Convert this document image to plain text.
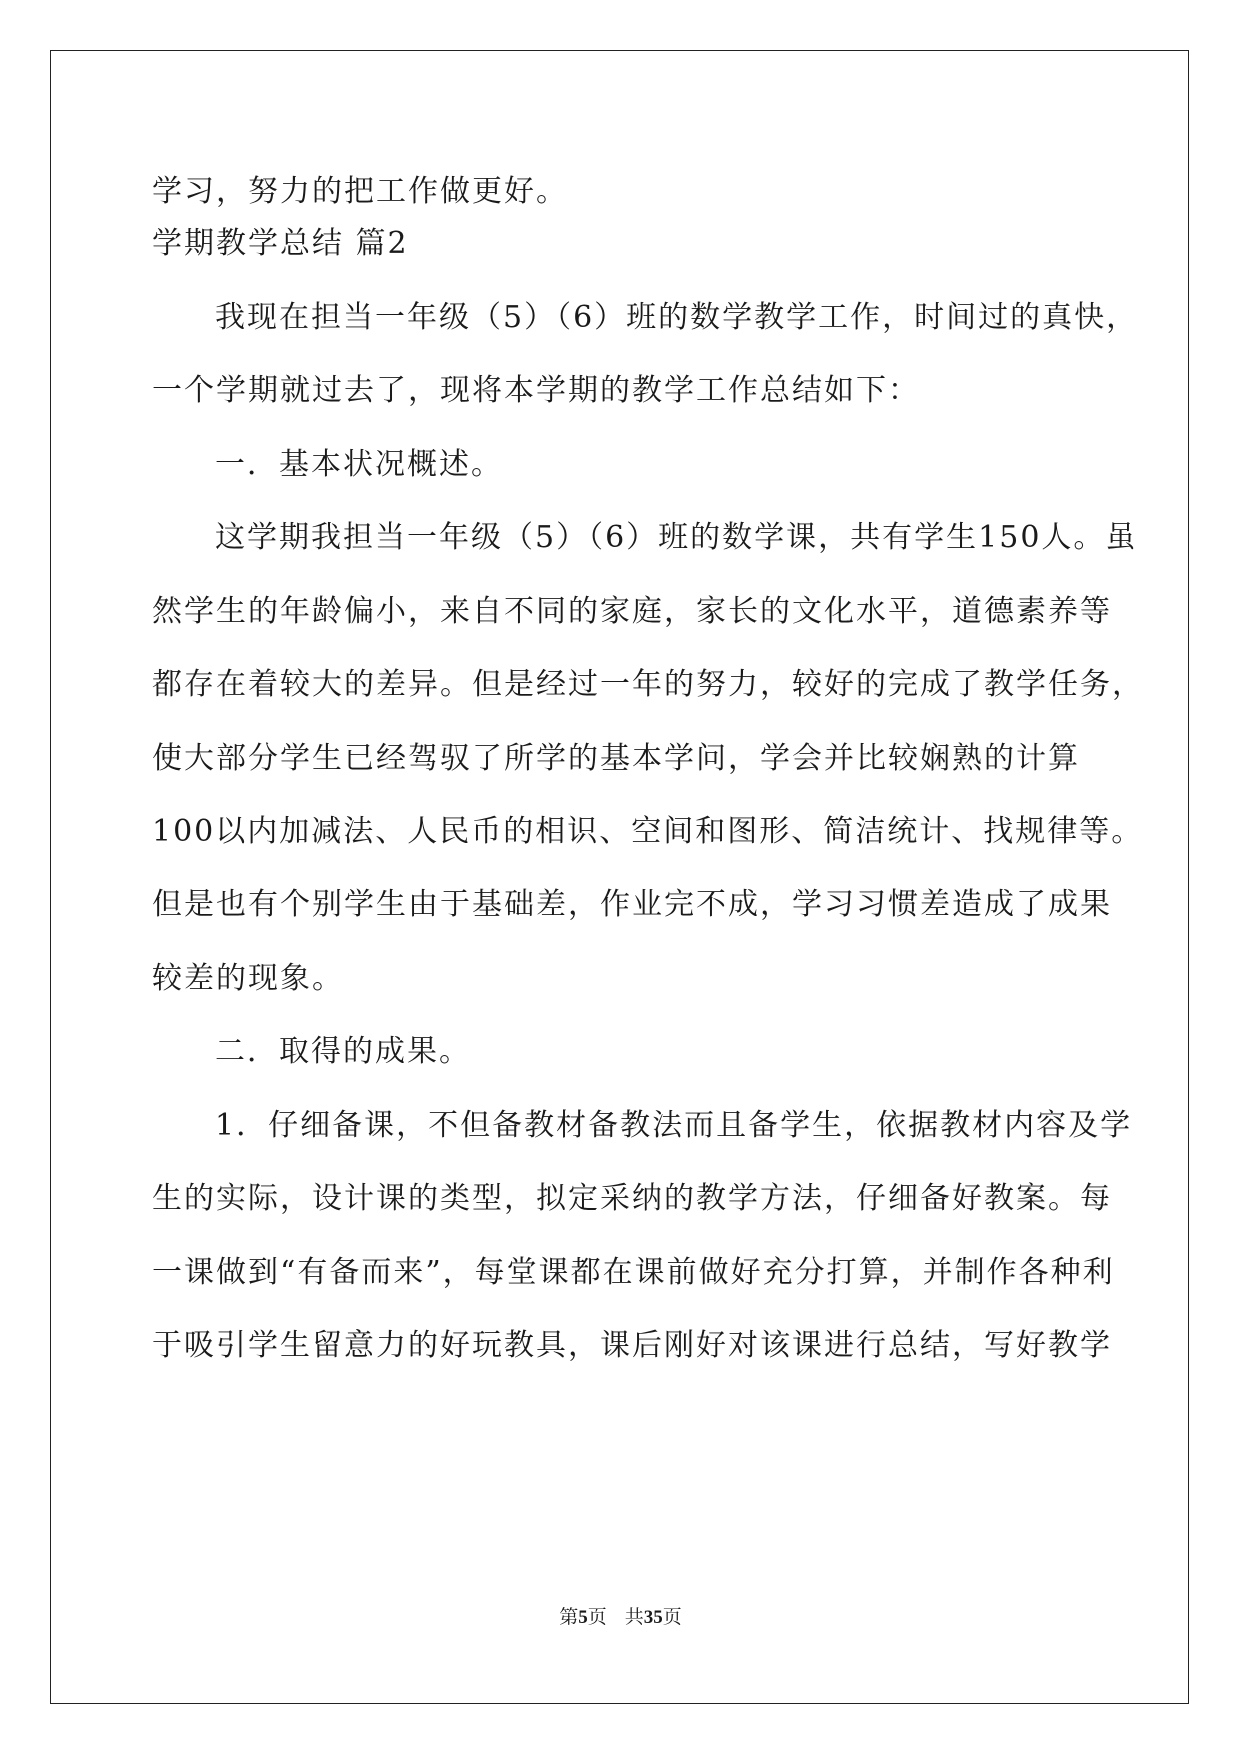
学习，努力的把工作做更好。
学期教学总结 篇2
我现在担当一年级（5）（6）班的数学教学工作，时间过的真快，
一个学期就过去了，现将本学期的教学工作总结如下：
一．基本状况概述。
这学期我担当一年级（5）（6）班的数学课，共有学生150人。虽
然学生的年龄偏小，来自不同的家庭，家长的文化水平，道德素养等
都存在着较大的差异。但是经过一年的努力，较好的完成了教学任务，
使大部分学生已经驾驭了所学的基本学问，学会并比较娴熟的计算
100以内加减法、人民币的相识、空间和图形、简洁统计、找规律等。
但是也有个别学生由于基础差，作业完不成，学习习惯差造成了成果
较差的现象。
二．取得的成果。
1．仔细备课，不但备教材备教法而且备学生，依据教材内容及学
生的实际，设计课的类型，拟定采纳的教学方法，仔细备好教案。每
一课做到“有备而来”，每堂课都在课前做好充分打算，并制作各种利
于吸引学生留意力的好玩教具，课后刚好对该课进行总结，写好教学
第5页 共35页
